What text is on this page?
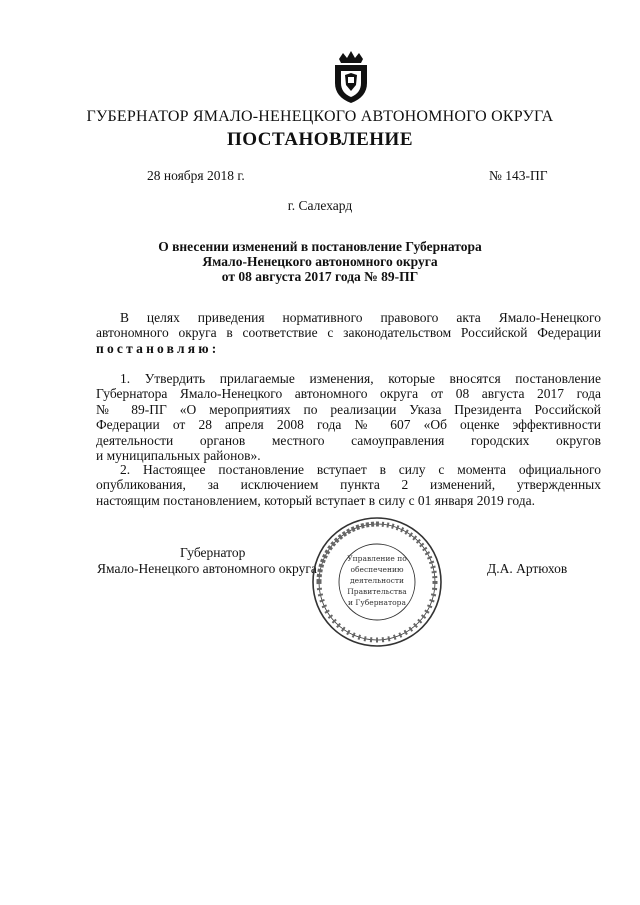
ГУБЕРНАТОР ЯМАЛО-НЕНЕЦКОГО АВТОНОМНОГО ОКРУГА
ПОСТАНОВЛЕНИЕ
28 ноября 2018 г.	№ 143-ПГ
г. Салехард
О внесении изменений в постановление Губернатора
Ямало-Ненецкого автономного округа
от 08 августа 2017 года № 89-ПГ
В целях приведения нормативного правового акта Ямало-Ненецкого
автономного округа в соответствие с законодательством Российской Федерации
постановляю:
1. Утвердить прилагаемые изменения, которые вносятся постановление
Губернатора Ямало-Ненецкого автономного округа от 08 августа 2017 года
№ 89-ПГ «О мероприятиях по реализации Указа Президента Российской
Федерации от 28 апреля 2008 года № 607 «Об оценке эффективности
деятельности органов местного самоуправления городских округов
и муниципальных районов».
2. Настоящее постановление вступает в силу с момента официального
опубликования, за исключением пункта 2 изменений, утвержденных
настоящим постановлением, который вступает в силу с 01 января 2019 года.
Губернатор
Ямало-Ненецкого автономного округа	Д.А. Артюхов
Управление по
обеспечению
деятельности
Правительства
и Губернатора
